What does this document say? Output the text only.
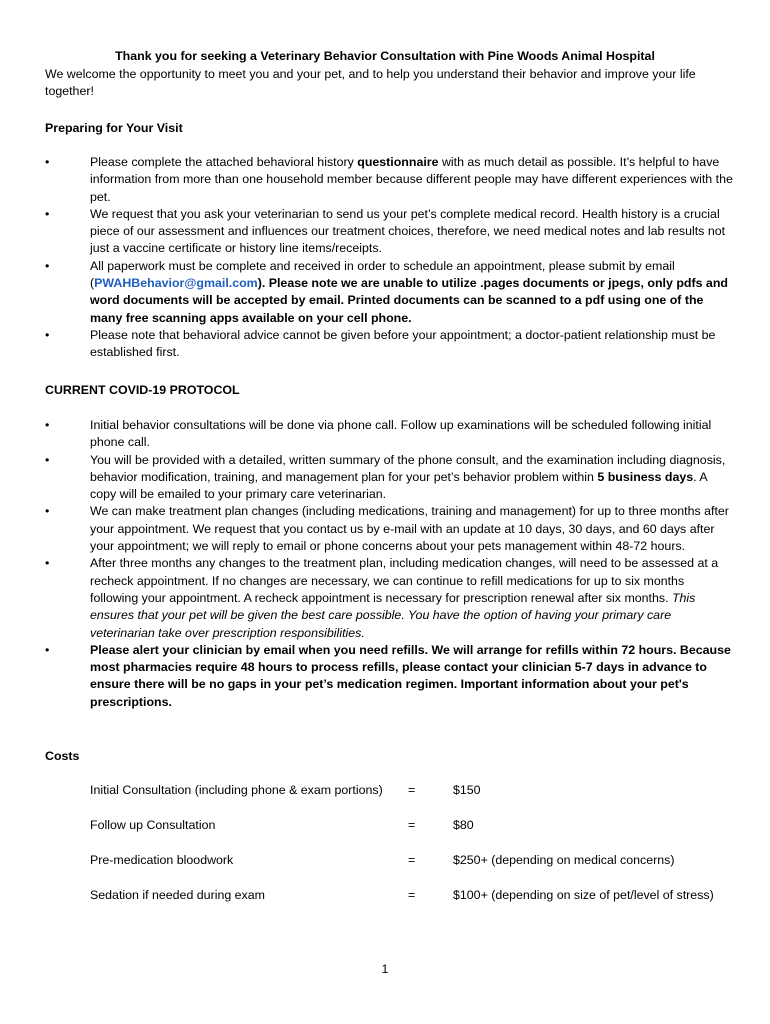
Thank you for seeking a Veterinary Behavior Consultation with Pine Woods Animal Hospital
We welcome the opportunity to meet you and your pet, and to help you understand their behavior and improve your life together!
Preparing for Your Visit
•	Please complete the attached behavioral history questionnaire with as much detail as possible. It’s helpful to have information from more than one household member because different people may have different experiences with the pet.
•	We request that you ask your veterinarian to send us your pet’s complete medical record. Health history is a crucial piece of our assessment and influences our treatment choices, therefore, we need medical notes and lab results not just a vaccine certificate or history line items/receipts.
•	All paperwork must be complete and received in order to schedule an appointment, please submit by email (PWAHBehavior@gmail.com). Please note we are unable to utilize .pages documents or jpegs, only pdfs and word documents will be accepted by email. Printed documents can be scanned to a pdf using one of the many free scanning apps available on your cell phone.
•	Please note that behavioral advice cannot be given before your appointment; a doctor-patient relationship must be established first.
CURRENT COVID-19 PROTOCOL
•	Initial behavior consultations will be done via phone call. Follow up examinations will be scheduled following initial phone call.
•	You will be provided with a detailed, written summary of the phone consult, and the examination including diagnosis, behavior modification, training, and management plan for your pet’s behavior problem within 5 business days. A copy will be emailed to your primary care veterinarian.
•	We can make treatment plan changes (including medications, training and management) for up to three months after your appointment. We request that you contact us by e-mail with an update at 10 days, 30 days, and 60 days after your appointment; we will reply to email or phone concerns about your pets management within 48-72 hours.
•	After three months any changes to the treatment plan, including medication changes, will need to be assessed at a recheck appointment. If no changes are necessary, we can continue to refill medications for up to six months following your appointment. A recheck appointment is necessary for prescription renewal after six months. This ensures that your pet will be given the best care possible. You have the option of having your primary care veterinarian take over prescription responsibilities.
•	Please alert your clinician by email when you need refills. We will arrange for refills within 72 hours. Because most pharmacies require 48 hours to process refills, please contact your clinician 5-7 days in advance to ensure there will be no gaps in your pet’s medication regimen. Important information about your pet's prescriptions.
Costs
Initial Consultation (including phone & exam portions) =	$150
Follow up Consultation	=	$80
Pre-medication bloodwork	=	$250+ (depending on medical concerns)
Sedation if needed during exam	=	$100+ (depending on size of pet/level of stress)
1
